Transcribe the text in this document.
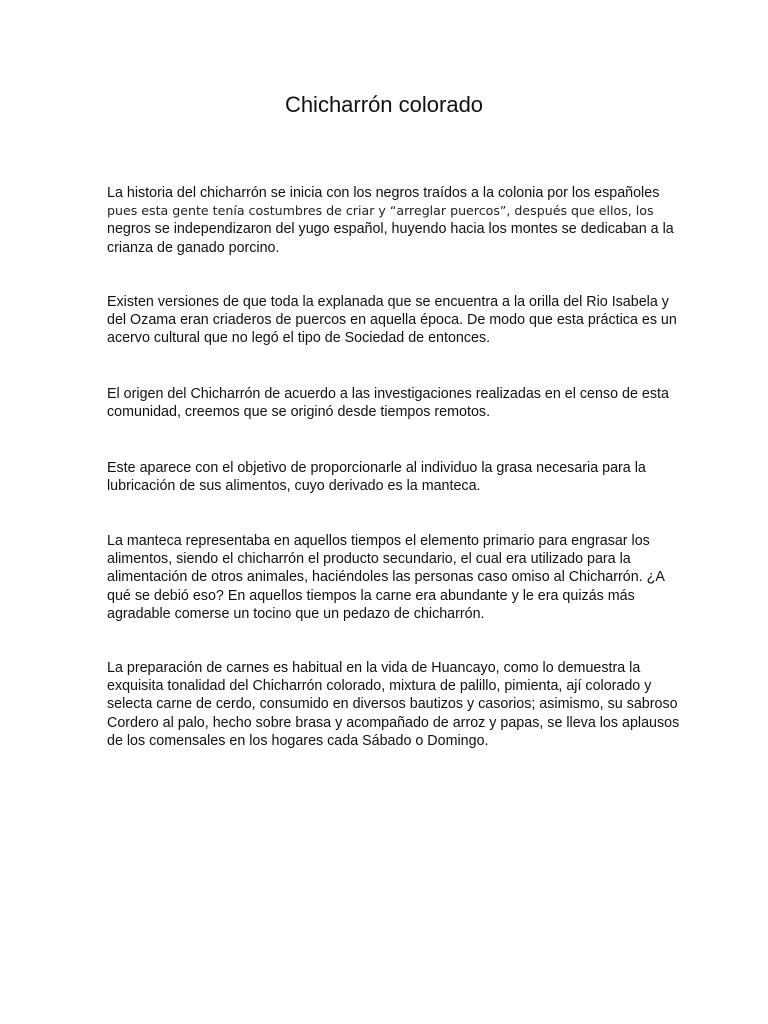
Chicharrón colorado

La historia del chicharrón se inicia con los negros traídos a la colonia por los españoles
pues esta gente tenía costumbres de criar y “arreglar puercos”, después que ellos, los
negros se independizaron del yugo español, huyendo hacia los montes se dedicaban a la
crianza de ganado porcino.

Existen versiones de que toda la explanada que se encuentra a la orilla del Rio Isabela y
del Ozama eran criaderos de puercos en aquella época. De modo que esta práctica es un
acervo cultural que no legó el tipo de Sociedad de entonces.

El origen del Chicharrón de acuerdo a las investigaciones realizadas en el censo de esta
comunidad, creemos que se originó desde tiempos remotos.

Este aparece con el objetivo de proporcionarle al individuo la grasa necesaria para la
lubricación de sus alimentos, cuyo derivado es la manteca.

La manteca representaba en aquellos tiempos el elemento primario para engrasar los
alimentos, siendo el chicharrón el producto secundario, el cual era utilizado para la
alimentación de otros animales, haciéndoles las personas caso omiso al Chicharrón. ¿A
qué se debió eso? En aquellos tiempos la carne era abundante y le era quizás más
agradable comerse un tocino que un pedazo de chicharrón.

La preparación de carnes es habitual en la vida de Huancayo, como lo demuestra la
exquisita tonalidad del Chicharrón colorado, mixtura de palillo, pimienta, ají colorado y
selecta carne de cerdo, consumido en diversos bautizos y casorios; asimismo, su sabroso
Cordero al palo, hecho sobre brasa y acompañado de arroz y papas, se lleva los aplausos
de los comensales en los hogares cada Sábado o Domingo.
